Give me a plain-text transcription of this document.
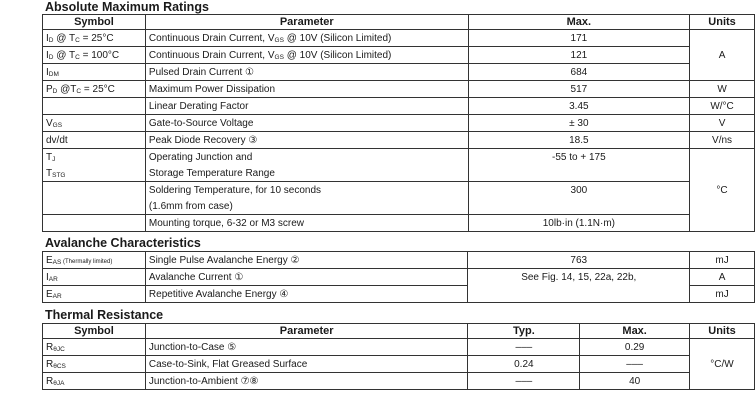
Absolute Maximum Ratings
Symbol	Parameter	Max.	Units
$I_D$ @ $T_C = 25^\circ C$	Continuous Drain Current, $V_{GS}$ @ 10V (Silicon Limited)	171	A
$I_D$ @ $T_C = 100^\circ C$	Continuous Drain Current, $V_{GS}$ @ 10V (Silicon Limited)	121	
$I_{DM}$	Pulsed Drain Current ①	684	
$P_D$ $@T_C = 25^\circ C$	Maximum Power Dissipation	517	W
	Linear Derating Factor	3.45	W/°C
$V_{GS}$	Gate-to-Source Voltage	± 30	V
dv/dt	Peak Diode Recovery ③	18.5	V/ns
$T_J$	Operating Junction and	-55 to + 175	°C
$T_{STG}$	Storage Temperature Range		
	Soldering Temperature, for 10 seconds	300	
	(1.6mm from case)		
	Mounting torque, 6-32 or M3 screw	10lb·in (1.1N·m)	
Avalanche Characteristics
$E_{AS}$ (Thermally limited)	Single Pulse Avalanche Energy ②	763	mJ
$I_{AR}$	Avalanche Current ①	See Fig. 14, 15, 22a, 22b,	A
$E_{AR}$	Repetitive Avalanche Energy ④		mJ
Thermal Resistance
Symbol	Parameter	Typ.	Max.	Units
$R_{\theta JC}$	Junction-to-Case ⑤	–––	0.29	°C/W
$R_{\theta CS}$	Case-to-Sink, Flat Greased Surface	0.24	–––	
$R_{\theta JA}$	Junction-to-Ambient ⑦⑧	–––	40	
